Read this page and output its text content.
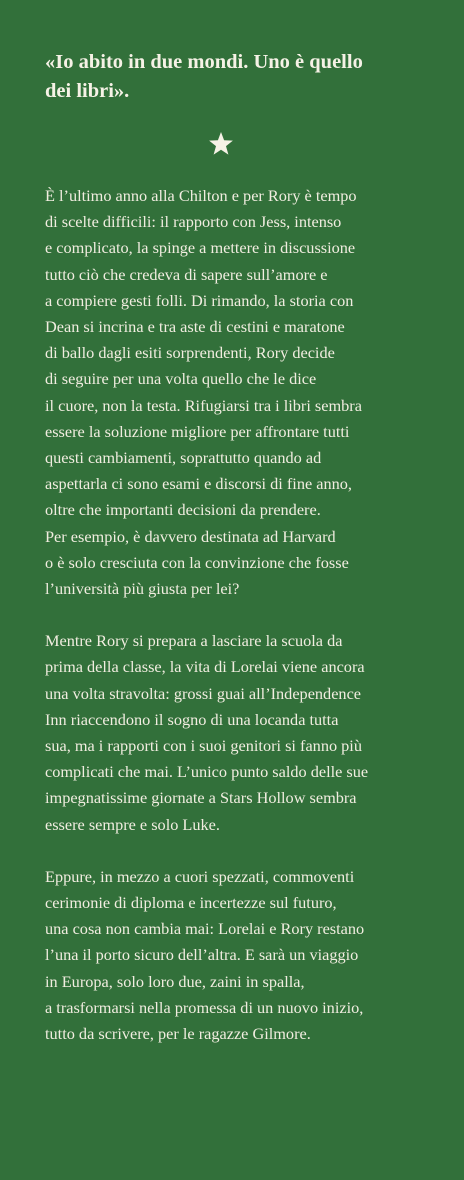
«Io abito in due mondi. Uno è quello
dei libri».

È l’ultimo anno alla Chilton e per Rory è tempo
di scelte difficili: il rapporto con Jess, intenso
e complicato, la spinge a mettere in discussione
tutto ciò che credeva di sapere sull’amore e
a compiere gesti folli. Di rimando, la storia con
Dean si incrina e tra aste di cestini e maratone
di ballo dagli esiti sorprendenti, Rory decide
di seguire per una volta quello che le dice
il cuore, non la testa. Rifugiarsi tra i libri sembra
essere la soluzione migliore per affrontare tutti
questi cambiamenti, soprattutto quando ad
aspettarla ci sono esami e discorsi di fine anno,
oltre che importanti decisioni da prendere.
Per esempio, è davvero destinata ad Harvard
o è solo cresciuta con la convinzione che fosse
l’università più giusta per lei?

Mentre Rory si prepara a lasciare la scuola da
prima della classe, la vita di Lorelai viene ancora
una volta stravolta: grossi guai all’Independence
Inn riaccendono il sogno di una locanda tutta
sua, ma i rapporti con i suoi genitori si fanno più
complicati che mai. L’unico punto saldo delle sue
impegnatissime giornate a Stars Hollow sembra
essere sempre e solo Luke.

Eppure, in mezzo a cuori spezzati, commoventi
cerimonie di diploma e incertezze sul futuro,
una cosa non cambia mai: Lorelai e Rory restano
l’una il porto sicuro dell’altra. E sarà un viaggio
in Europa, solo loro due, zaini in spalla,
a trasformarsi nella promessa di un nuovo inizio,
tutto da scrivere, per le ragazze Gilmore.
